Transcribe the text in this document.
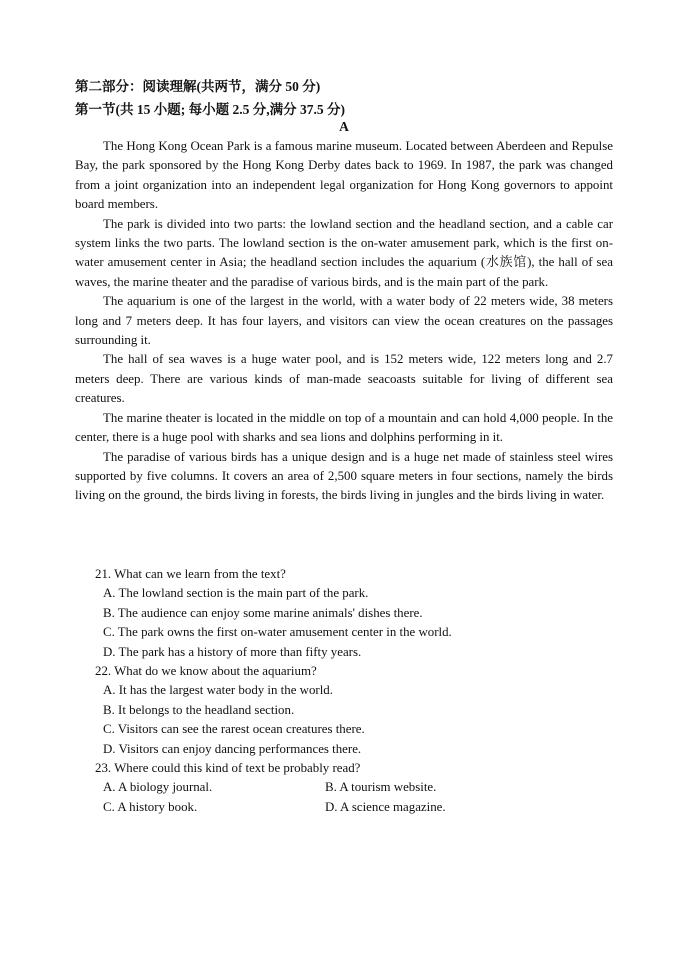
第二部分：阅读理解(共两节，满分 50 分)
第一节(共 15 小题; 每小题 2.5 分,满分 37.5 分)
A

The Hong Kong Ocean Park is a famous marine museum. Located between Aberdeen and Repulse Bay, the park sponsored by the Hong Kong Derby dates back to 1969. In 1987, the park was changed from a joint organization into an independent legal organization for Hong Kong governors to appoint board members.

The park is divided into two parts: the lowland section and the headland section, and a cable car system links the two parts. The lowland section is the on-water amusement park, which is the first on-water amusement center in Asia; the headland section includes the aquarium (水族馆), the hall of sea waves, the marine theater and the paradise of various birds, and is the main part of the park.

The aquarium is one of the largest in the world, with a water body of 22 meters wide, 38 meters long and 7 meters deep. It has four layers, and visitors can view the ocean creatures on the passages surrounding it.

The hall of sea waves is a huge water pool, and is 152 meters wide, 122 meters long and 2.7 meters deep. There are various kinds of man-made seacoasts suitable for living of different sea creatures.

The marine theater is located in the middle on top of a mountain and can hold 4,000 people. In the center, there is a huge pool with sharks and sea lions and dolphins performing in it.

The paradise of various birds has a unique design and is a huge net made of stainless steel wires supported by five columns. It covers an area of 2,500 square meters in four sections, namely the birds living on the ground, the birds living in forests, the birds living in jungles and the birds living in water.

21. What can we learn from the text?

A. The lowland section is the main part of the park.

B. The audience can enjoy some marine animals' dishes there.

C. The park owns the first on-water amusement center in the world.

D. The park has a history of more than fifty years.

22. What do we know about the aquarium?

A. It has the largest water body in the world.

B. It belongs to the headland section.

C. Visitors can see the rarest ocean creatures there.

D. Visitors can enjoy dancing performances there.

23. Where could this kind of text be probably read?

A. A biology journal.	B. A tourism website.

C. A history book.	D. A science magazine.
